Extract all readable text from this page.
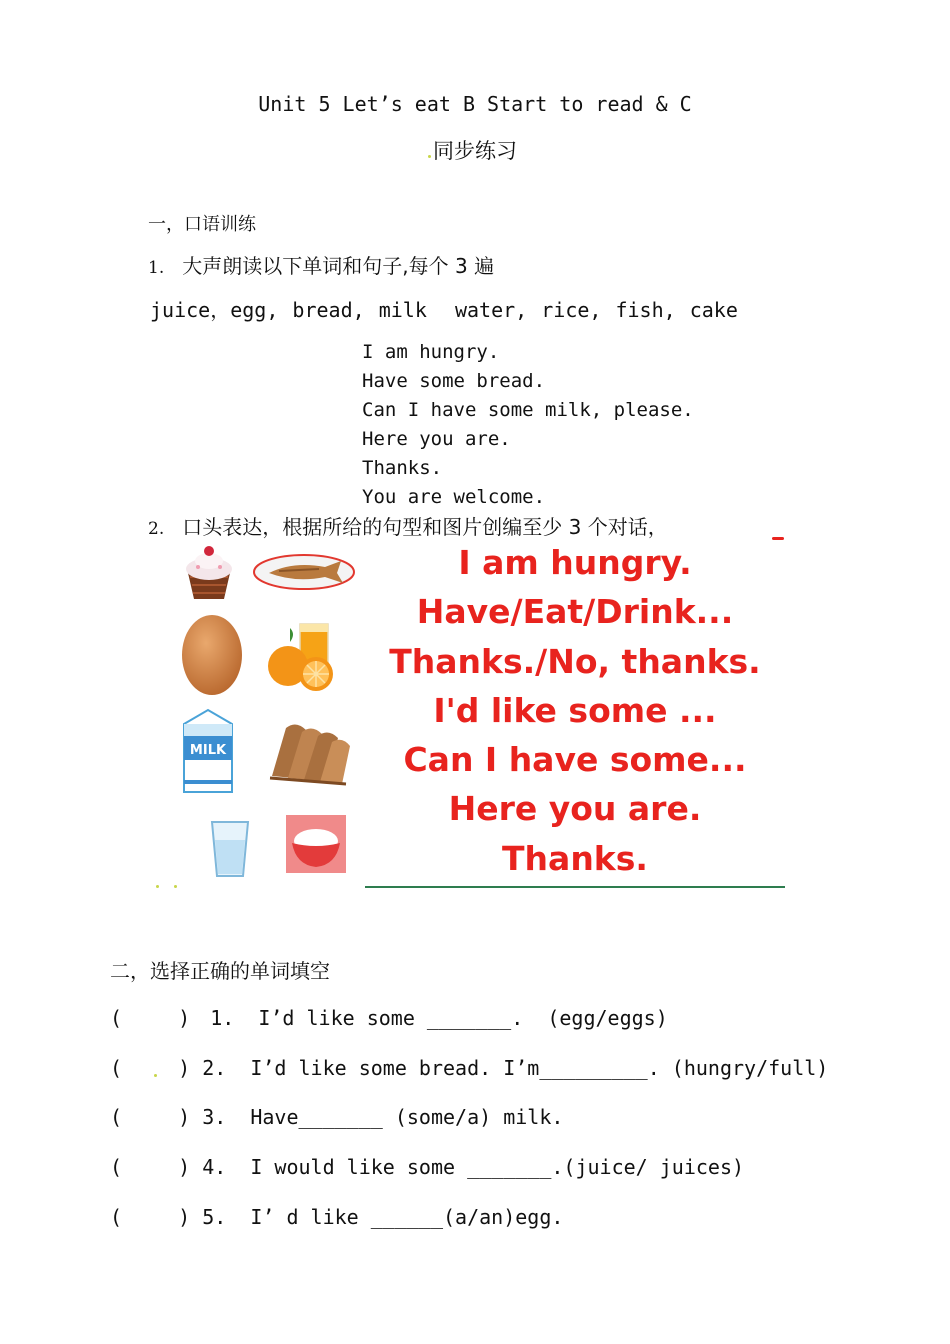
Unit 5 Let’s eat B Start to read & C
同步练习
一，口语训练
1. 大声朗读以下单词和句子,每个 3 遍
juice，egg, bread, milk  water, rice, fish, cake
I am hungry.
Have some bread.
Can I have some milk, please.
Here you are.
Thanks.
You are welcome.
2. 口头表达，根据所给的句型和图片创编至少 3 个对话，
MILK
I am hungry.
Have/Eat/Drink...
Thanks./No, thanks.
I'd like some ...
Can I have some...
Here you are.
Thanks.
二，选择正确的单词填空
(	) 1.  I’d like some _______.  (egg/eggs)
(	) 2.  I’d like some bread. I’m_________. (hungry/full)
(	) 3.  Have_______ (some/a) milk.
(	) 4.  I would like some _______.(juice/ juices)
(	) 5.  I’ d like ______(a/an)egg.
